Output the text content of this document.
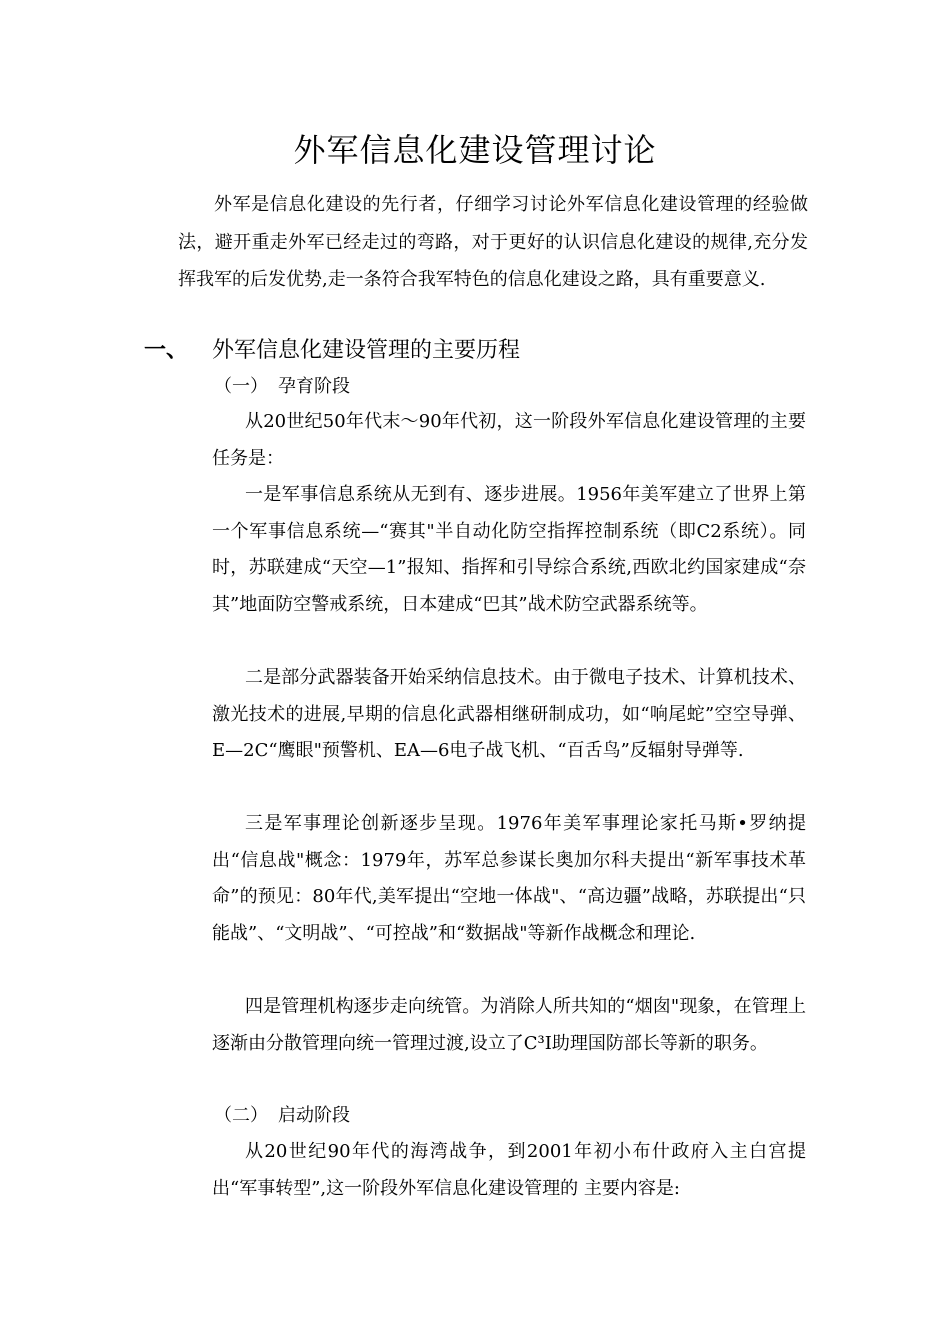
外军信息化建设管理讨论

外军是信息化建设的先行者，仔细学习讨论外军信息化建设管理的经验做法，避开重走外军已经走过的弯路，对于更好的认识信息化建设的规律,充分发挥我军的后发优势,走一条符合我军特色的信息化建设之路，具有重要意义.

一、 外军信息化建设管理的主要历程
（一） 孕育阶段

从20世纪50年代末～90年代初，这一阶段外军信息化建设管理的主要任务是：

一是军事信息系统从无到有、逐步进展。1956年美军建立了世界上第一个军事信息系统—“赛其"半自动化防空指挥控制系统（即C2系统）。同时，苏联建成“天空—1”报知、指挥和引导综合系统,西欧北约国家建成“奈其”地面防空警戒系统，日本建成“巴其”战术防空武器系统等。

二是部分武器装备开始采纳信息技术。由于微电子技术、计算机技术、激光技术的进展,早期的信息化武器相继研制成功，如“响尾蛇”空空导弹、E—2C“鹰眼"预警机、EA—6电子战飞机、“百舌鸟”反辐射导弹等.

三是军事理论创新逐步呈现。1976年美军事理论家托马斯•罗纳提出“信息战"概念：1979年，苏军总参谋长奥加尔科夫提出“新军事技术革命”的预见：80年代,美军提出“空地一体战"、“高边疆”战略，苏联提出“只能战”、“文明战”、“可控战”和“数据战"等新作战概念和理论.

四是管理机构逐步走向统管。为消除人所共知的“烟囱"现象，在管理上逐渐由分散管理向统一管理过渡,设立了C³I助理国防部长等新的职务。

（二） 启动阶段

从20世纪90年代的海湾战争，到2001年初小布什政府入主白宫提出“军事转型”,这一阶段外军信息化建设管理的 主要内容是:
